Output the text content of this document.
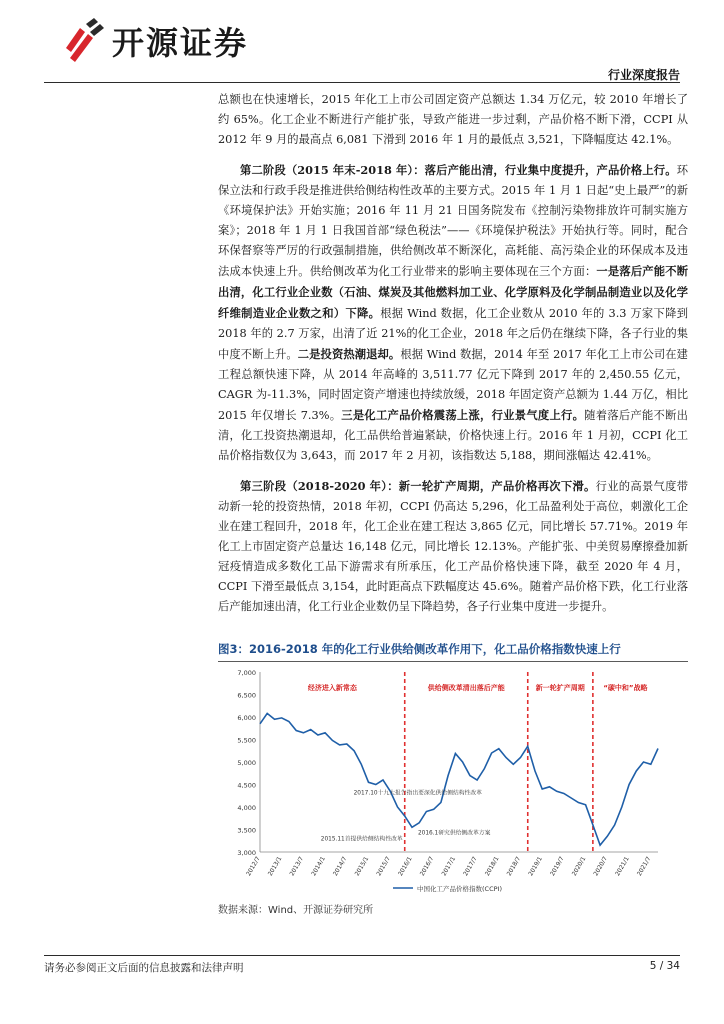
开源证券
行业深度报告

总额也在快速增长，2015 年化工上市公司固定资产总额达 1.34 万亿元，较 2010 年增长了约 65%。化工企业不断进行产能扩张，导致产能进一步过剩，产品价格不断下滑，CCPI 从 2012 年 9 月的最高点 6,081 下滑到 2016 年 1 月的最低点 3,521，下降幅度达 42.1%。

第二阶段（2015 年末-2018 年）：落后产能出清，行业集中度提升，产品价格上行。环保立法和行政手段是推进供给侧结构性改革的主要方式。2015 年 1 月 1 日起“史上最严”的新《环境保护法》开始实施；2016 年 11 月 21 日国务院发布《控制污染物排放许可制实施方案》；2018 年 1 月 1 日我国首部“绿色税法”——《环境保护税法》开始执行等。同时，配合环保督察等严厉的行政强制措施，供给侧改革不断深化，高耗能、高污染企业的环保成本及违法成本快速上升。供给侧改革为化工行业带来的影响主要体现在三个方面：一是落后产能不断出清，化工行业企业数（石油、煤炭及其他燃料加工业、化学原料及化学制品制造业以及化学纤维制造业企业数之和）下降。根据 Wind 数据，化工企业数从 2010 年的 3.3 万家下降到 2018 年的 2.7 万家，出清了近 21%的化工企业，2018 年之后仍在继续下降，各子行业的集中度不断上升。二是投资热潮退却。根据 Wind 数据，2014 年至 2017 年化工上市公司在建工程总额快速下降，从 2014 年高峰的 3,511.77 亿元下降到 2017 年的 2,450.55 亿元，CAGR 为-11.3%，同时固定资产增速也持续放缓，2018 年固定资产总额为 1.44 万亿，相比 2015 年仅增长 7.3%。三是化工产品价格震荡上涨，行业景气度上行。随着落后产能不断出清，化工投资热潮退却，化工品供给普遍紧缺，价格快速上行。2016 年 1 月初，CCPI 化工品价格指数仅为 3,643，而 2017 年 2 月初，该指数达 5,188，期间涨幅达 42.41%。

第三阶段（2018-2020 年）：新一轮扩产周期，产品价格再次下滑。行业的高景气度带动新一轮的投资热情，2018 年初，CCPI 仍高达 5,296，化工品盈利处于高位，刺激化工企业在建工程回升，2018 年，化工企业在建工程达 3,865 亿元，同比增长 57.71%。2019 年化工上市固定资产总量达 16,148 亿元，同比增长 12.13%。产能扩张、中美贸易摩擦叠加新冠疫情造成多数化工品下游需求有所承压，化工产品价格快速下降，截至 2020 年 4 月，CCPI 下滑至最低点 3,154，此时距高点下跌幅度达 45.6%。随着产品价格下跌，化工行业落后产能加速出清，化工行业企业数仍呈下降趋势，各子行业集中度进一步提升。

图3：2016-2018 年的化工行业供给侧改革作用下，化工品价格指数快速上行
7,000
6,500
6,000
5,500
5,000
4,500
4,000
3,500
3,000
2012/7 2013/1 2013/7 2014/1 2014/7 2015/1 2015/7 2016/1 2016/7 2017/1 2017/7 2018/1 2018/7 2019/1 2019/7 2020/1 2020/7 2021/1 2021/7
经济进入新常态	供给侧改革清出落后产能	新一轮扩产周期	“碳中和”战略
2015.11首提供给侧结构性改革
2016.1研究供给侧改革方案
2017.10十九大报告指出要深化供给侧结构性改革
中国化工产品价格指数(CCPI)
数据来源：Wind、开源证券研究所
请务必参阅正文后面的信息披露和法律声明	5 / 34
